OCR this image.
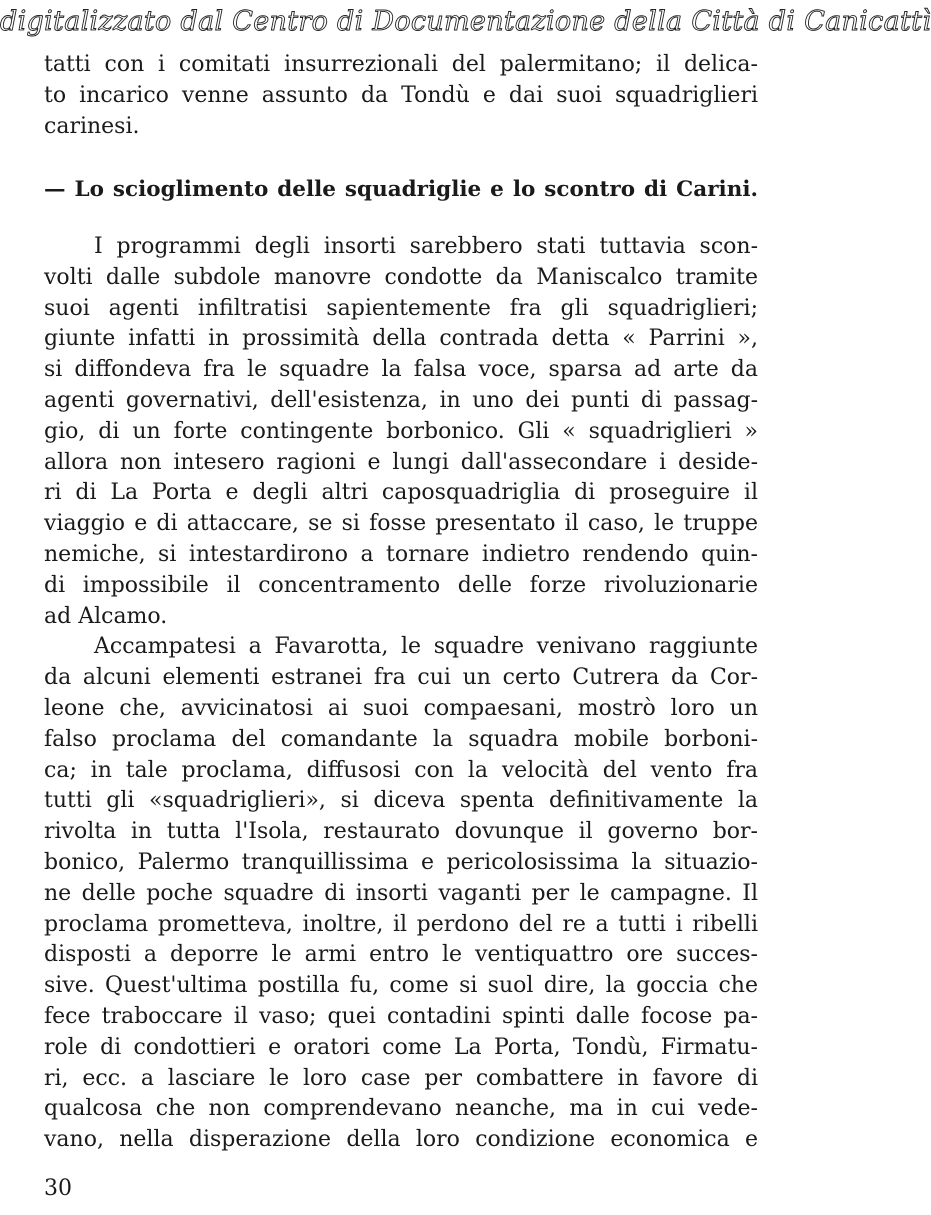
digitalizzato dal Centro di Documentazione della Città di Canicattì
tatti con i comitati insurrezionali del palermitano; il delica-
to incarico venne assunto da Tondù e dai suoi squadriglieri
carinesi.
— Lo scioglimento delle squadriglie e lo scontro di Carini.
I programmi degli insorti sarebbero stati tuttavia scon-
volti dalle subdole manovre condotte da Maniscalco tramite
suoi agenti infiltratisi sapientemente fra gli squadriglieri;
giunte infatti in prossimità della contrada detta « Parrini »,
si diffondeva fra le squadre la falsa voce, sparsa ad arte da
agenti governativi, dell'esistenza, in uno dei punti di passag-
gio, di un forte contingente borbonico. Gli « squadriglieri »
allora non intesero ragioni e lungi dall'assecondare i deside-
ri di La Porta e degli altri caposquadriglia di proseguire il
viaggio e di attaccare, se si fosse presentato il caso, le truppe
nemiche, si intestardirono a tornare indietro rendendo quin-
di impossibile il concentramento delle forze rivoluzionarie
ad Alcamo.
Accampatesi a Favarotta, le squadre venivano raggiunte
da alcuni elementi estranei fra cui un certo Cutrera da Cor-
leone che, avvicinatosi ai suoi compaesani, mostrò loro un
falso proclama del comandante la squadra mobile borboni-
ca; in tale proclama, diffusosi con la velocità del vento fra
tutti gli «squadriglieri», si diceva spenta definitivamente la
rivolta in tutta l'Isola, restaurato dovunque il governo bor-
bonico, Palermo tranquillissima e pericolosissima la situazio-
ne delle poche squadre di insorti vaganti per le campagne. Il
proclama prometteva, inoltre, il perdono del re a tutti i ribelli
disposti a deporre le armi entro le ventiquattro ore succes-
sive. Quest'ultima postilla fu, come si suol dire, la goccia che
fece traboccare il vaso; quei contadini spinti dalle focose pa-
role di condottieri e oratori come La Porta, Tondù, Firmatu-
ri, ecc. a lasciare le loro case per combattere in favore di
qualcosa che non comprendevano neanche, ma in cui vede-
vano, nella disperazione della loro condizione economica e
30
